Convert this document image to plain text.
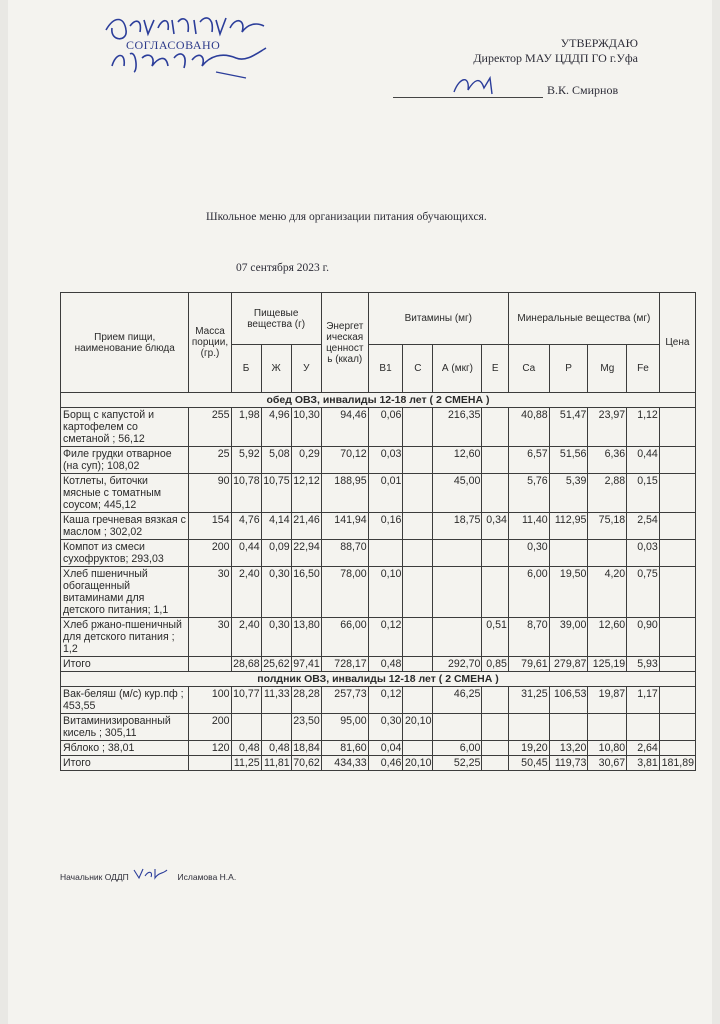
СОГЛАСОВАНО	УТВЕРЖДАЮ
Директор МАУ ЦДДП ГО г.Уфа
В.К. Смирнов
Школьное меню для организации питания обучающихся.
07 сентября 2023 г.
Прием пищи, наименование блюда	Масса порции, (гр.)	Пищевые вещества (г)			Энергетическая ценность (ккал)	Витамины (мг)				Минеральные вещества (мг)				Цена
		Б	Ж	У		В1	С	А (мкг)	Е	Ca	P	Mg	Fe	
обед ОВЗ, инвалиды 12-18 лет ( 2 СМЕНА )														
Борщ с капустой и картофелем со сметаной ; 56,12	255	1,98	4,96	10,30	94,46	0,06		216,35		40,88	51,47	23,97	1,12	
Филе грудки отварное (на суп); 108,02	25	5,92	5,08	0,29	70,12	0,03		12,60		6,57	51,56	6,36	0,44	
Котлеты, биточки мясные с томатным соусом; 445,12	90	10,78	10,75	12,12	188,95	0,01		45,00		5,76	5,39	2,88	0,15	
Каша гречневая вязкая с маслом ; 302,02	154	4,76	4,14	21,46	141,94	0,16		18,75	0,34	11,40	112,95	75,18	2,54	
Компот из смеси сухофруктов; 293,03	200	0,44	0,09	22,94	88,70					0,30			0,03	
Хлеб пшеничный обогащенный витаминами для детского питания; 1,1	30	2,40	0,30	16,50	78,00	0,10				6,00	19,50	4,20	0,75	
Хлеб ржано-пшеничный для детского питания ; 1,2	30	2,40	0,30	13,80	66,00	0,12			0,51	8,70	39,00	12,60	0,90	
Итого		28,68	25,62	97,41	728,17	0,48		292,70	0,85	79,61	279,87	125,19	5,93	
полдник ОВЗ, инвалиды 12-18 лет ( 2 СМЕНА )														
Вак-беляш (м/с) кур.пф ; 453,55	100	10,77	11,33	28,28	257,73	0,12		46,25		31,25	106,53	19,87	1,17	
Витаминизированный кисель ; 305,11	200			23,50	95,00	0,30	20,10							
Яблоко ; 38,01	120	0,48	0,48	18,84	81,60	0,04		6,00		19,20	13,20	10,80	2,64	
Итого		11,25	11,81	70,62	434,33	0,46	20,10	52,25		50,45	119,73	30,67	3,81	181,89
Начальник ОДДП	Исламова Н.А.
